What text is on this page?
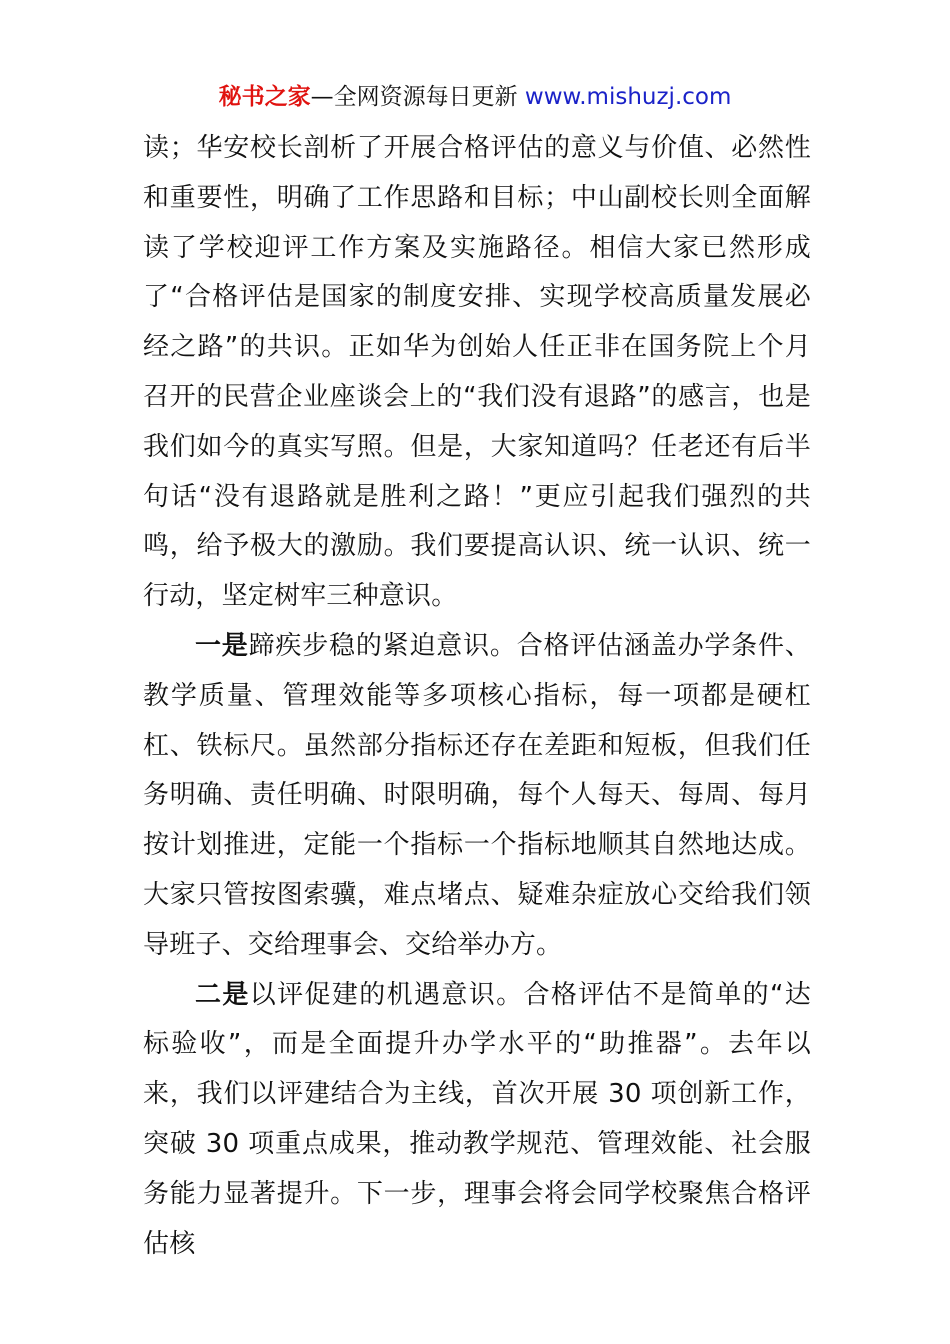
秘书之家—全网资源每日更新 www.mishuzj.com

读；华安校长剖析了开展合格评估的意义与价值、必然性和重要性，明确了工作思路和目标；中山副校长则全面解读了学校迎评工作方案及实施路径。相信大家已然形成了“合格评估是国家的制度安排、实现学校高质量发展必经之路”的共识。正如华为创始人任正非在国务院上个月召开的民营企业座谈会上的“我们没有退路”的感言，也是我们如今的真实写照。但是，大家知道吗？任老还有后半句话“没有退路就是胜利之路！”更应引起我们强烈的共鸣，给予极大的激励。我们要提高认识、统一认识、统一行动，坚定树牢三种意识。

一是蹄疾步稳的紧迫意识。合格评估涵盖办学条件、教学质量、管理效能等多项核心指标，每一项都是硬杠杠、铁标尺。虽然部分指标还存在差距和短板，但我们任务明确、责任明确、时限明确，每个人每天、每周、每月按计划推进，定能一个指标一个指标地顺其自然地达成。大家只管按图索骥，难点堵点、疑难杂症放心交给我们领导班子、交给理事会、交给举办方。

二是以评促建的机遇意识。合格评估不是简单的“达标验收”，而是全面提升办学水平的“助推器”。去年以来，我们以评建结合为主线，首次开展 30 项创新工作，突破 30 项重点成果，推动教学规范、管理效能、社会服务能力显著提升。下一步，理事会将会同学校聚焦合格评估核
